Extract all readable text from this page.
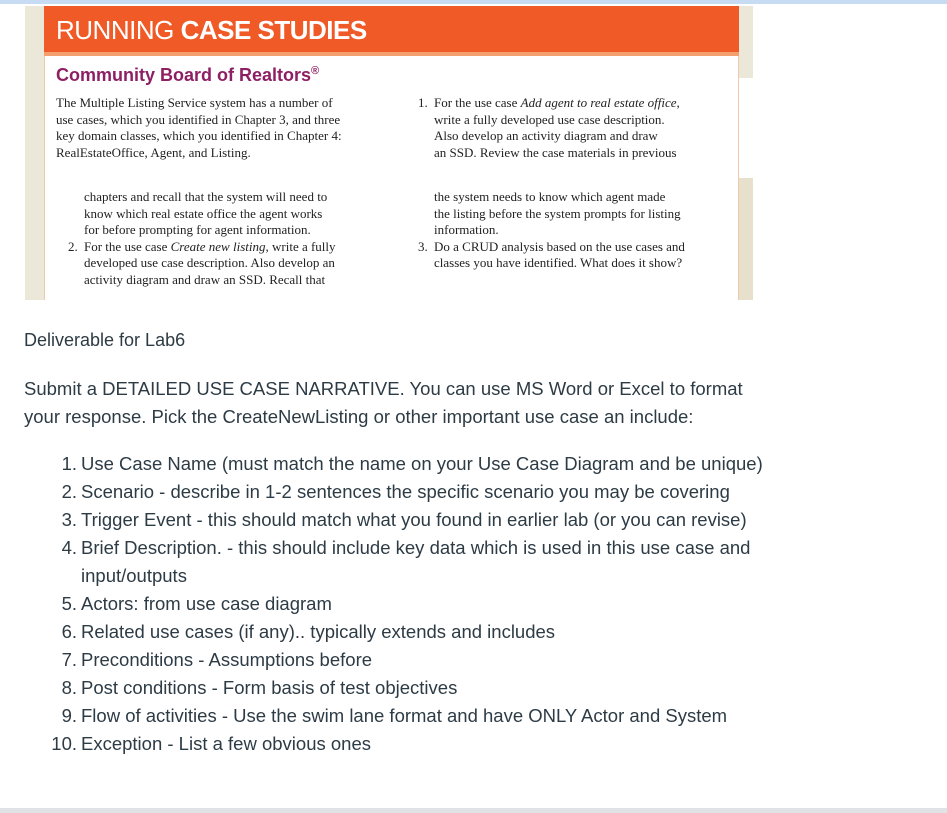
RUNNING CASE STUDIES
Community Board of Realtors®
The Multiple Listing Service system has a number of
use cases, which you identified in Chapter 3, and three
key domain classes, which you identified in Chapter 4:
RealEstateOffice, Agent, and Listing.
1. For the use case Add agent to real estate office,
write a fully developed use case description.
Also develop an activity diagram and draw
an SSD. Review the case materials in previous
chapters and recall that the system will need to
know which real estate office the agent works
for before prompting for agent information.
2. For the use case Create new listing, write a fully
developed use case description. Also develop an
activity diagram and draw an SSD. Recall that
the system needs to know which agent made
the listing before the system prompts for listing
information.
3. Do a CRUD analysis based on the use cases and
classes you have identified. What does it show?
Deliverable for Lab6
Submit a DETAILED USE CASE NARRATIVE. You can use MS Word or Excel to format your response. Pick the CreateNewListing or other important use case an include:
1. Use Case Name (must match the name on your Use Case Diagram and be unique)
2. Scenario - describe in 1-2 sentences the specific scenario you may be covering
3. Trigger Event - this should match what you found in earlier lab (or you can revise)
4. Brief Description. - this should include key data which is used in this use case and input/outputs
5. Actors: from use case diagram
6. Related use cases (if any).. typically extends and includes
7. Preconditions - Assumptions before
8. Post conditions - Form basis of test objectives
9. Flow of activities - Use the swim lane format and have ONLY Actor and System
10. Exception - List a few obvious ones
